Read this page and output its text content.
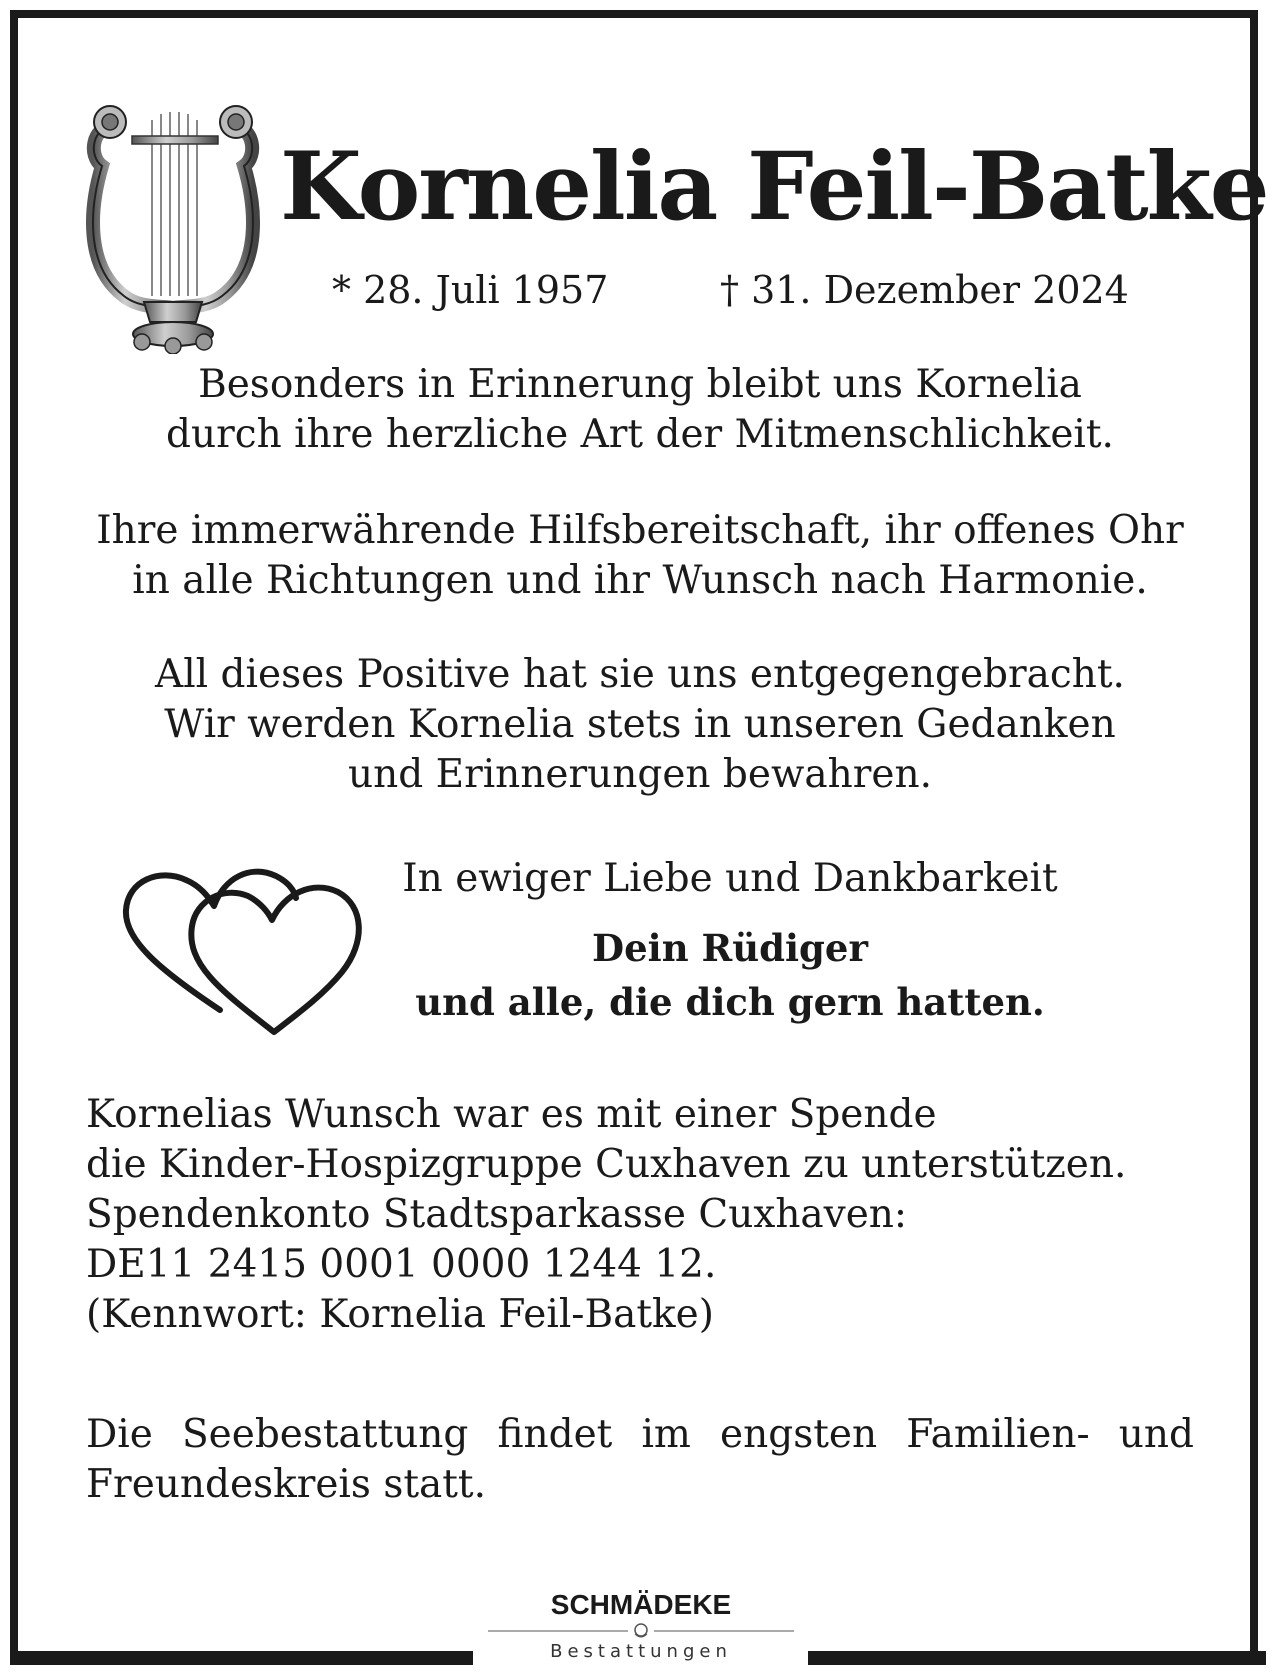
Kornelia Feil-Batke
* 28. Juli 1957	† 31. Dezember 2024
Besonders in Erinnerung bleibt uns Kornelia
durch ihre herzliche Art der Mitmenschlichkeit.
Ihre immerwährende Hilfsbereitschaft, ihr offenes Ohr
in alle Richtungen und ihr Wunsch nach Harmonie.
All dieses Positive hat sie uns entgegengebracht.
Wir werden Kornelia stets in unseren Gedanken
und Erinnerungen bewahren.
In ewiger Liebe und Dankbarkeit
Dein Rüdiger
und alle, die dich gern hatten.
Kornelias Wunsch war es mit einer Spende
die Kinder-Hospizgruppe Cuxhaven zu unterstützen.
Spendenkonto Stadtsparkasse Cuxhaven:
DE11 2415 0001 0000 1244 12.
(Kennwort: Kornelia Feil-Batke)
Die Seebestattung findet im engsten Familien- und
Freundeskreis statt.
SCHMÄDEKE
Bestattungen
